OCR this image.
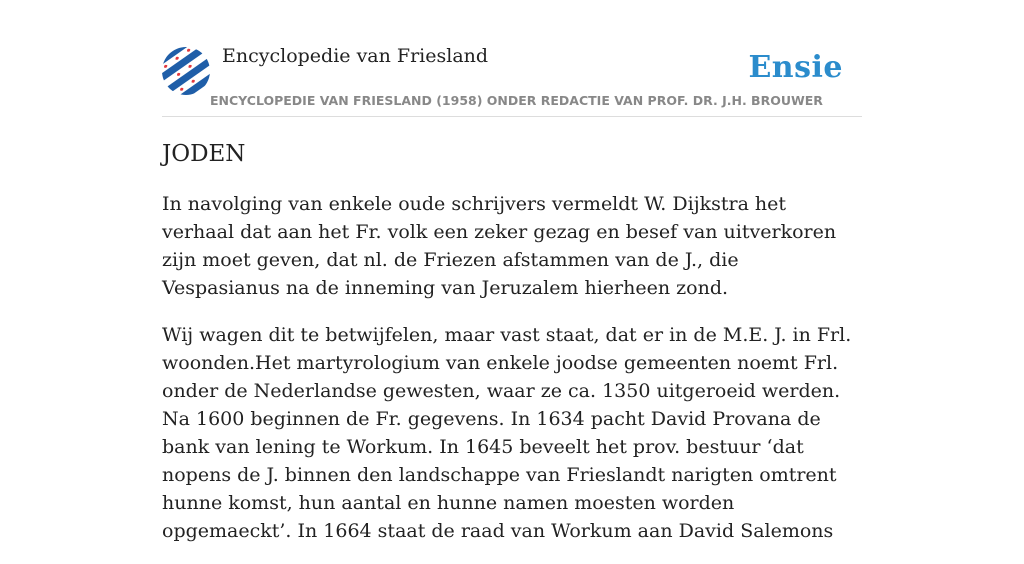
Encyclopedie van Friesland	Ensie
ENCYCLOPEDIE VAN FRIESLAND (1958) ONDER REDACTIE VAN PROF. DR. J.H. BROUWER
JODEN

In navolging van enkele oude schrijvers vermeldt W. Dijkstra het verhaal dat aan het Fr. volk een zeker gezag en besef van uitverkoren zijn moet geven, dat nl. de Friezen afstammen van de J., die Vespasianus na de inneming van Jeruzalem hierheen zond.

Wij wagen dit te betwijfelen, maar vast staat, dat er in de M.E. J. in Frl. woonden.Het martyrologium van enkele joodse gemeenten noemt Frl. onder de Nederlandse gewesten, waar ze ca. 1350 uitgeroeid werden. Na 1600 beginnen de Fr. gegevens. In 1634 pacht David Provana de bank van lening te Workum. In 1645 beveelt het prov. bestuur ‘dat nopens de J. binnen den landschappe van Frieslandt narigten omtrent hunne komst, hun aantal en hunne namen moesten worden opgemaeckt’. In 1664 staat de raad van Workum aan David Salemons
